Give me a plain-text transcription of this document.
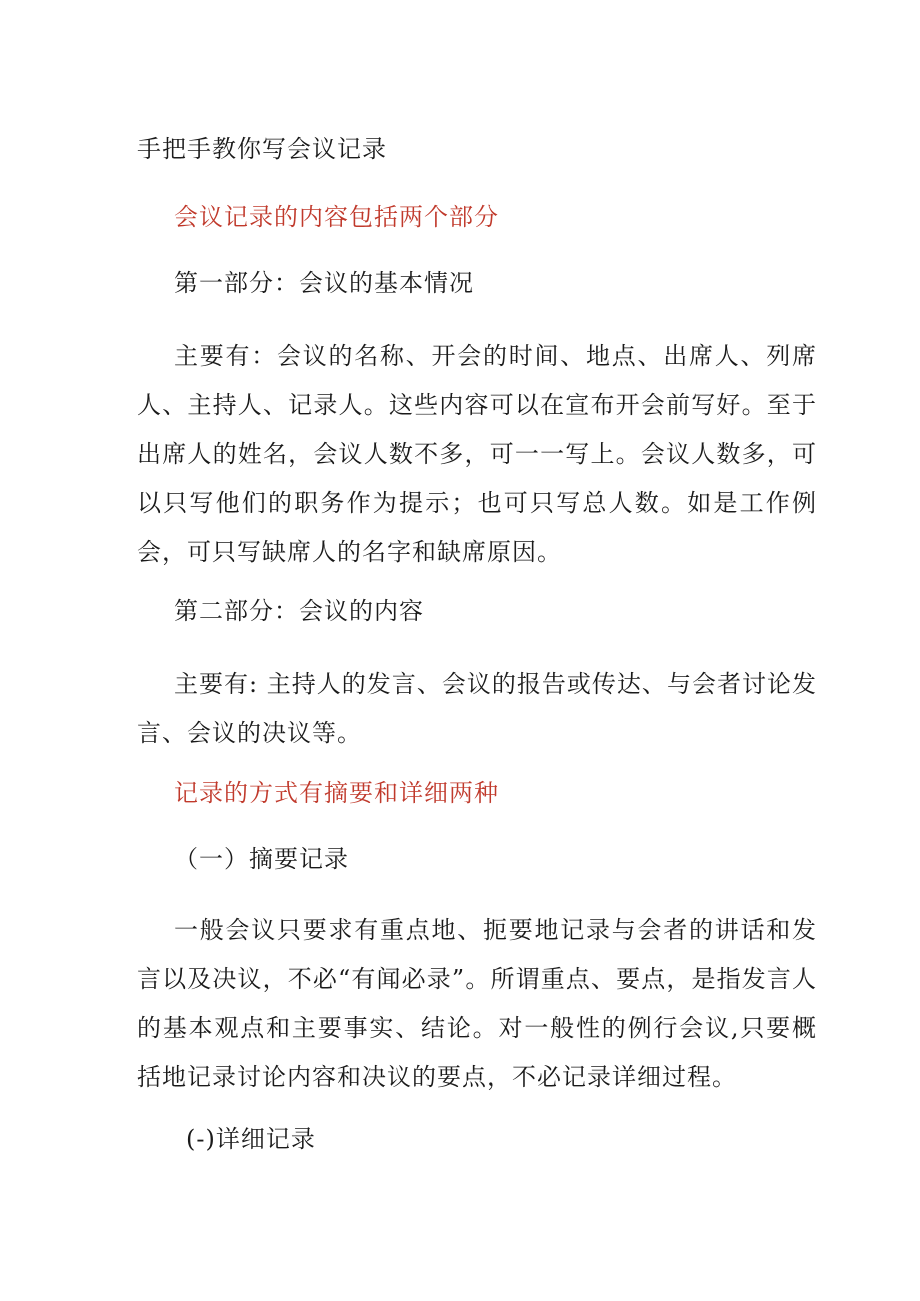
手把手教你写会议记录
会议记录的内容包括两个部分
第一部分：会议的基本情况
主要有：会议的名称、开会的时间、地点、出席人、列席人、主持人、记录人。这些内容可以在宣布开会前写好。至于出席人的姓名，会议人数不多，可一一写上。会议人数多，可以只写他们的职务作为提示；也可只写总人数。如是工作例会，可只写缺席人的名字和缺席原因。
第二部分：会议的内容
主要有: 主持人的发言、会议的报告或传达、与会者讨论发言、会议的决议等。
记录的方式有摘要和详细两种
（一）摘要记录
一般会议只要求有重点地、扼要地记录与会者的讲话和发言以及决议，不必“有闻必录”。所谓重点、要点，是指发言人的基本观点和主要事实、结论。对一般性的例行会议,只要概括地记录讨论内容和决议的要点，不必记录详细过程。
(-)详细记录
